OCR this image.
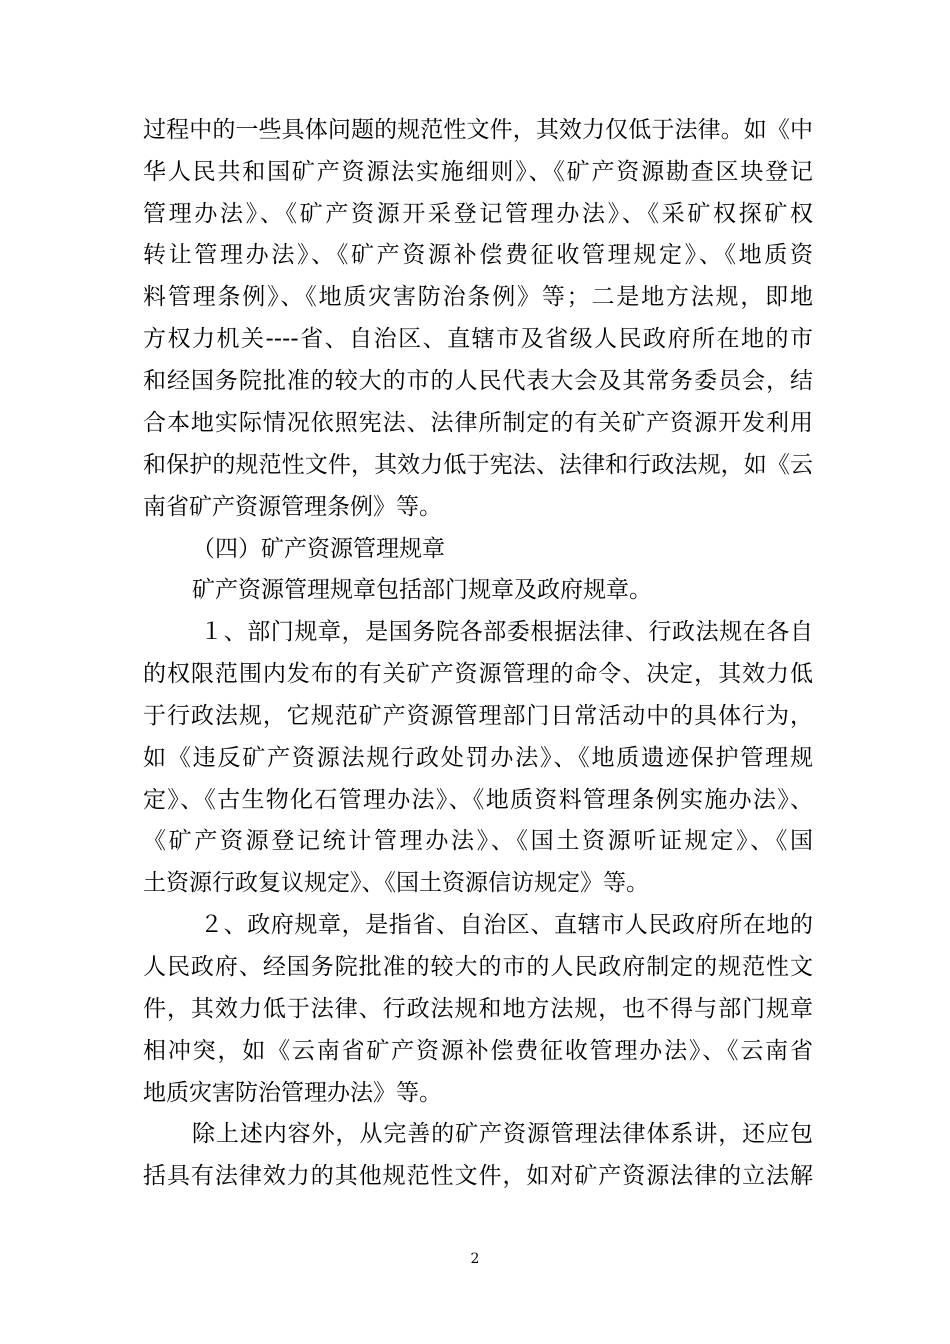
过程中的一些具体问题的规范性文件，其效力仅低于法律。如《中
华人民共和国矿产资源法实施细则》、《矿产资源勘查区块登记
管理办法》、《矿产资源开采登记管理办法》、《采矿权探矿权
转让管理办法》、《矿产资源补偿费征收管理规定》、《地质资
料管理条例》、《地质灾害防治条例》等；二是地方法规，即地
方权力机关----省、自治区、直辖市及省级人民政府所在地的市
和经国务院批准的较大的市的人民代表大会及其常务委员会，结
合本地实际情况依照宪法、法律所制定的有关矿产资源开发利用
和保护的规范性文件，其效力低于宪法、法律和行政法规，如《云
南省矿产资源管理条例》等。
（四）矿产资源管理规章
矿产资源管理规章包括部门规章及政府规章。
１、部门规章，是国务院各部委根据法律、行政法规在各自
的权限范围内发布的有关矿产资源管理的命令、决定，其效力低
于行政法规，它规范矿产资源管理部门日常活动中的具体行为，
如《违反矿产资源法规行政处罚办法》、《地质遗迹保护管理规
定》、《古生物化石管理办法》、《地质资料管理条例实施办法》、
《矿产资源登记统计管理办法》、《国土资源听证规定》、《国
土资源行政复议规定》、《国土资源信访规定》等。
２、政府规章，是指省、自治区、直辖市人民政府所在地的
人民政府、经国务院批准的较大的市的人民政府制定的规范性文
件，其效力低于法律、行政法规和地方法规，也不得与部门规章
相冲突，如《云南省矿产资源补偿费征收管理办法》、《云南省
地质灾害防治管理办法》等。
除上述内容外，从完善的矿产资源管理法律体系讲，还应包
括具有法律效力的其他规范性文件，如对矿产资源法律的立法解
2
